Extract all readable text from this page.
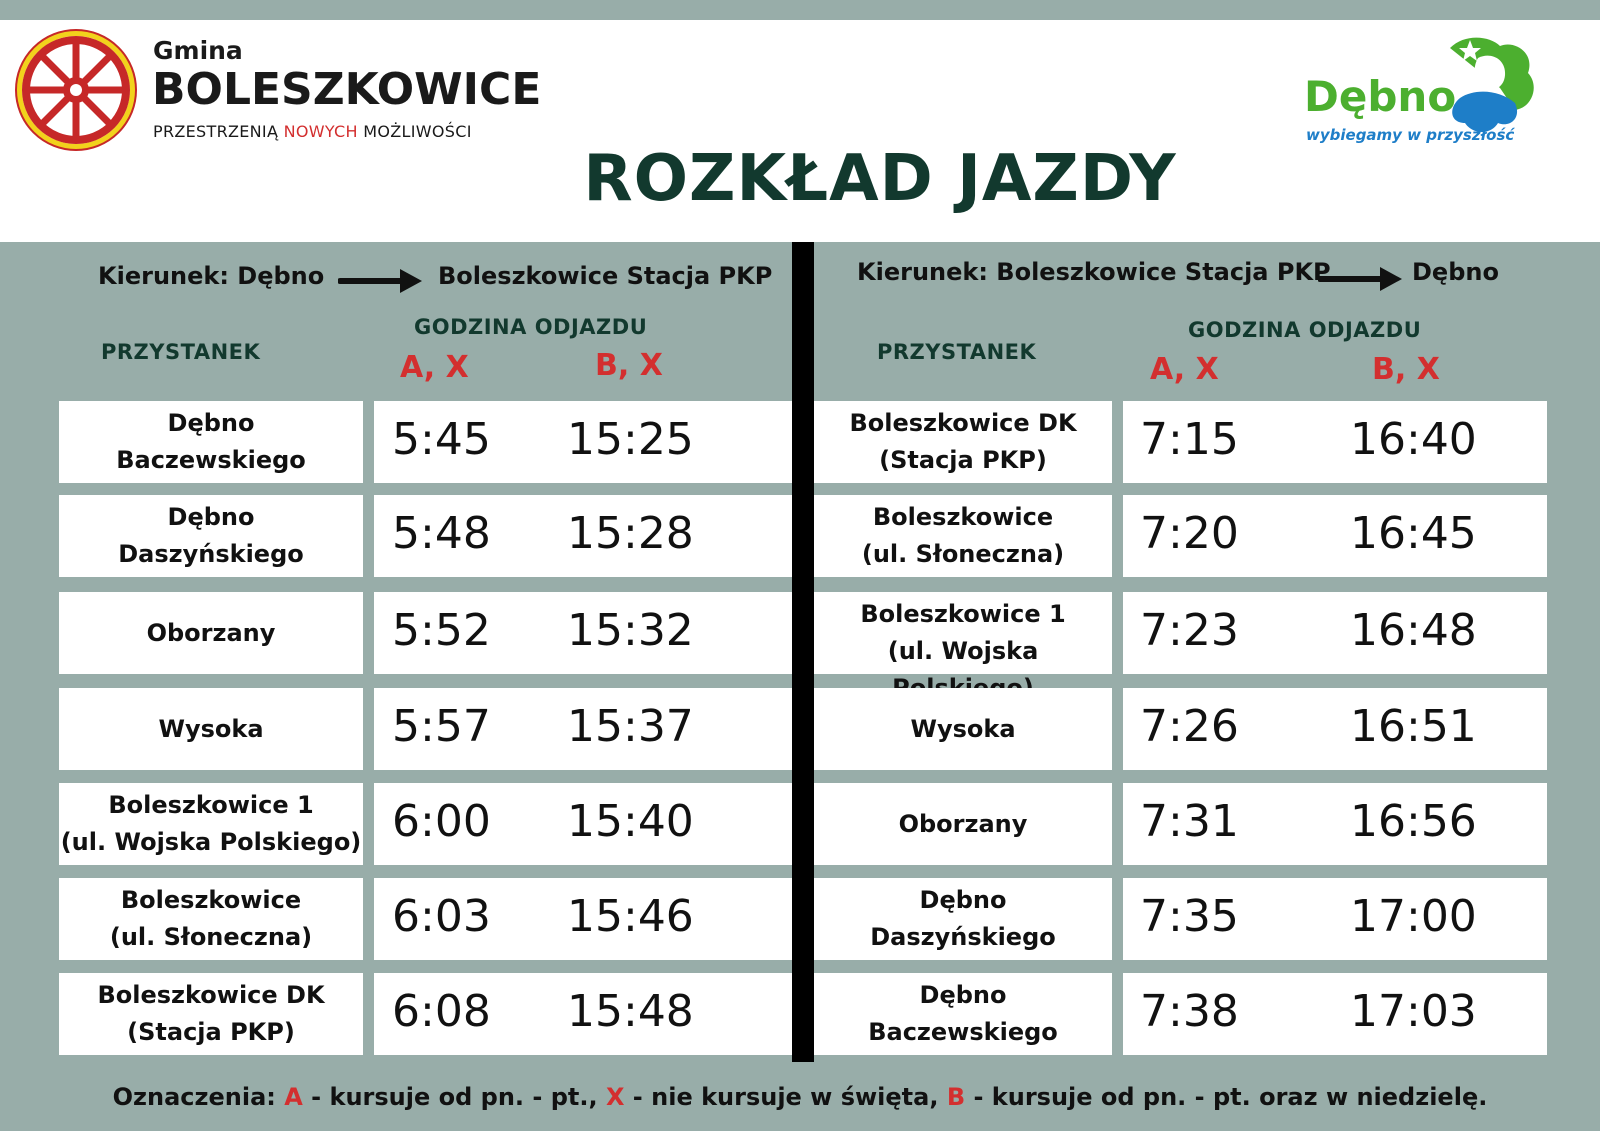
Gmina
BOLESZKOWICE
PRZESTRZENIĄ NOWYCH MOŻLIWOŚCI
Dębno
wybiegamy w przyszłość
ROZKŁAD JAZDY
Kierunek: Dębno	Boleszkowice Stacja PKP	Kierunek: Boleszkowice Stacja PKP	Dębno
PRZYSTANEK
GODZINA ODJAZDU
A, X	B, X	PRZYSTANEK
GODZINA ODJAZDU
A, X	B, X
Dębno
Baczewskiego	5:45 15:25
Dębno
Daszyńskiego	5:48 15:28
Oborzany	5:52 15:32
Wysoka	5:57 15:37
Boleszkowice 1
(ul. Wojska Polskiego) 6:00 15:40
Boleszkowice
(ul. Słoneczna)	6:03 15:46
Boleszkowice DK
(Stacja PKP)	6:08 15:48
Boleszkowice DK
(Stacja PKP)	7:15	16:40
Boleszkowice
(ul. Słoneczna)	7:20	16:45
Boleszkowice 1
(ul. Wojska	7:23	16:48
Wysoka	7:26	16:51
Oborzany	7:31	16:56
Dębno
Daszyńskiego	7:35	17:00
Dębno
Baczewskiego	7:38	17:03
Oznaczenia: A - kursuje od pn. - pt., X - nie kursuje w święta, B - kursuje od pn. - pt. oraz w niedzielę.
